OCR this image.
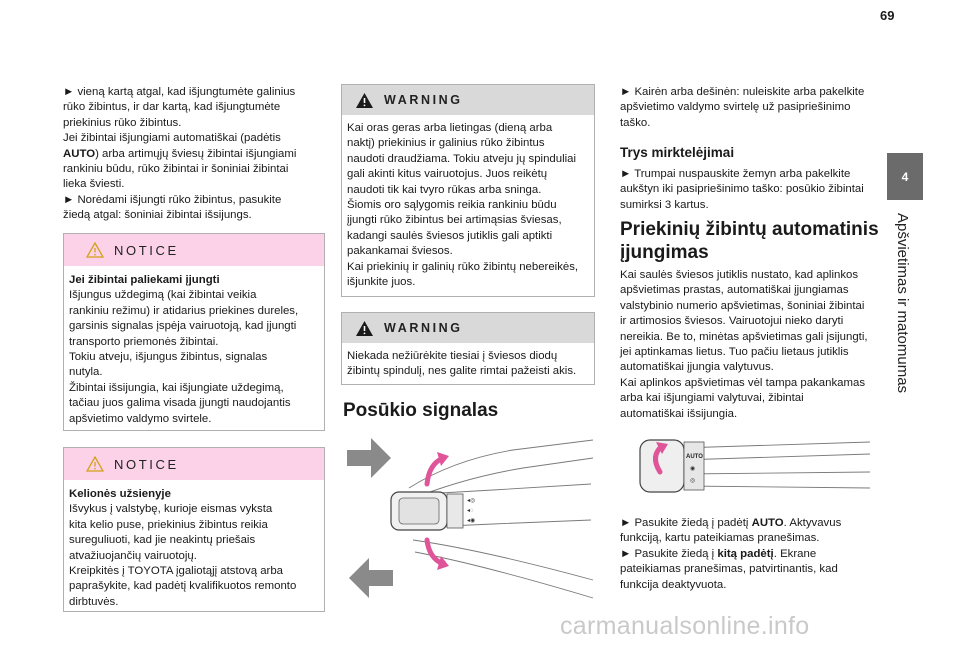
69
► vieną kartą atgal, kad išjungtumėte galinius
rūko žibintus, ir dar kartą, kad išjungtumėte
priekinius rūko žibintus.
Jei žibintai išjungiami automatiškai (padėtis
AUTO) arba artimųjų šviesų žibintai išjungiami
rankiniu būdu, rūko žibintai ir šoniniai žibintai
lieka šviesti.
► Norėdami išjungti rūko žibintus, pasukite
žiedą atgal: šoniniai žibintai išsijungs.
NOTICE
Jei žibintai paliekami įjungti
Išjungus uždegimą (kai žibintai veikia
rankiniu režimu) ir atidarius priekines dureles,
garsinis signalas įspėja vairuotoją, kad įjungti
transporto priemonės žibintai.
Tokiu atveju, išjungus žibintus, signalas
nutyla.
Žibintai išsijungia, kai išjungiate uždegimą,
tačiau juos galima visada įjungti naudojantis
apšvietimo valdymo svirtele.
NOTICE
Kelionės užsienyje
Išvykus į valstybę, kurioje eismas vyksta
kita kelio puse, priekinius žibintus reikia
sureguliuoti, kad jie neakintų priešais
atvažiuojančių vairuotojų.
Kreipkitės į TOYOTA įgaliotąjį atstovą arba
paprašykite, kad padėtį kvalifikuotos remonto
dirbtuvės.
WARNING
Kai oras geras arba lietingas (dieną arba
naktį) priekinius ir galinius rūko žibintus
naudoti draudžiama. Tokiu atveju jų spinduliai
gali akinti kitus vairuotojus. Juos reikėtų
naudoti tik kai tvyro rūkas arba sninga.
Šiomis oro sąlygomis reikia rankiniu būdu
įjungti rūko žibintus bei artimąsias šviesas,
kadangi saulės šviesos jutiklis gali aptikti
pakankamai šviesos.
Kai priekinių ir galinių rūko žibintų nebereikės,
išjunkite juos.
WARNING
Niekada nežiūrėkite tiesiai į šviesos diodų
žibintų spindulį, nes galite rimtai pažeisti akis.
Posūkio signalas
◂◎
◂◌
◂◉
► Kairėn arba dešinėn: nuleiskite arba pakelkite
apšvietimo valdymo svirtelę už pasipriešinimo
taško.
Trys mirktelėjimai
► Trumpai nuspauskite žemyn arba pakelkite
aukštyn iki pasipriešinimo taško: posūkio žibintai
sumirksi 3 kartus.
Priekinių žibintų automatinis
įjungimas
Kai saulės šviesos jutiklis nustato, kad aplinkos
apšvietimas prastas, automatiškai įjungiamas
valstybinio numerio apšvietimas, šoniniai žibintai
ir artimosios šviesos. Vairuotojui nieko daryti
nereikia. Be to, minėtas apšvietimas gali įsijungti,
jei aptinkamas lietus. Tuo pačiu lietaus jutiklis
automatiškai įjungia valytuvus.
Kai aplinkos apšvietimas vėl tampa pakankamas
arba kai išjungiami valytuvai, žibintai
automatiškai išsijungia.
AUTO
◉
◎
► Pasukite žiedą į padėtį AUTO. Aktyvavus
funkciją, kartu pateikiamas pranešimas.
► Pasukite žiedą į kitą padėtį. Ekrane
pateikiamas pranešimas, patvirtinantis, kad
funkcija deaktyvuota.
4
Apšvietimas ir matomumas
carmanualsonline.info
